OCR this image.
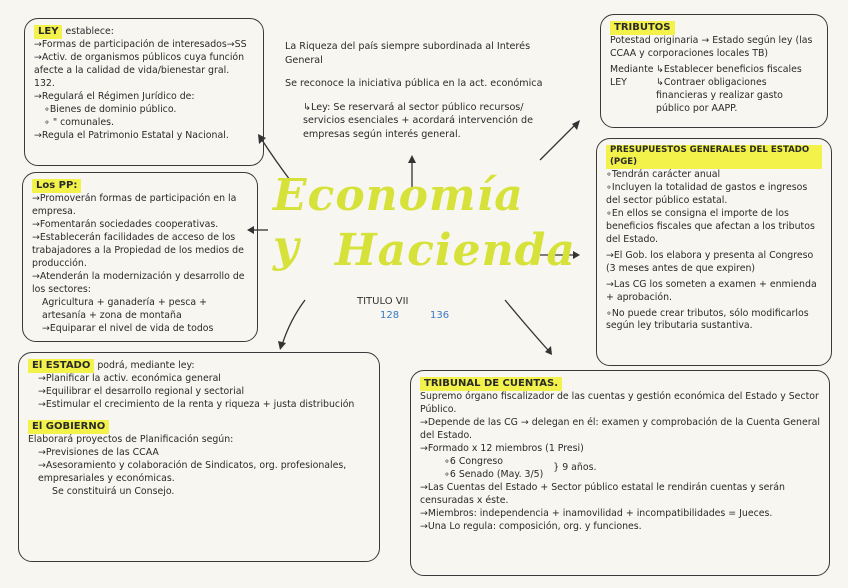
LEY establece:

→Formas de participación de interesados→SS

→Activ. de organismos públicos cuya función afecte a la calidad de vida/bienestar gral.

132.

→Regulará el Régimen Jurídico de:

∘Bienes de dominio público.

∘ " comunales.

→Regula el Patrimonio Estatal y Nacional.

La Riqueza del país siempre subordinada al Interés General

Se reconoce la iniciativa pública en la act. económica

↳Ley: Se reservará al sector público recursos/ servicios esenciales + acordará intervención de empresas según interés general.

TRIBUTOS

Potestad originaria → Estado según ley (las CCAA y corporaciones locales TB)

Mediante LEY

↳Establecer beneficios fiscales

↳Contraer obligaciones financieras y realizar gasto público por AAPP.

Economía y Hacienda
TITULO VII
128	136

Los PP:

→Promoverán formas de participación en la empresa.

→Fomentarán sociedades cooperativas.

→Establecerán facilidades de acceso de los trabajadores a la Propiedad de los medios de producción.

→Atenderán la modernización y desarrollo de los sectores:

Agricultura + ganadería + pesca + artesanía + zona de montaña

→Equiparar el nivel de vida de todos

PRESUPUESTOS GENERALES DEL ESTADO (PGE)

∘Tendrán carácter anual

∘Incluyen la totalidad de gastos e ingresos del sector público estatal.

∘En ellos se consigna el importe de los beneficios fiscales que afectan a los tributos del Estado.

→El Gob. los elabora y presenta al Congreso (3 meses antes de que expiren)

→Las CG los someten a examen + enmienda + aprobación.

∘No puede crear tributos, sólo modificarlos según ley tributaria sustantiva.

El ESTADO podrá, mediante ley:

→Planificar la activ. económica general

→Equilibrar el desarrollo regional y sectorial

→Estimular el crecimiento de la renta y riqueza + justa distribución

El GOBIERNO

Elaborará proyectos de Planificación según:

→Previsiones de las CCAA

→Asesoramiento y colaboración de Sindicatos, org. profesionales, empresariales y económicas.

Se constituirá un Consejo.

TRIBUNAL DE CUENTAS.

Supremo órgano fiscalizador de las cuentas y gestión económica del Estado y Sector Público.

→Depende de las CG → delegan en él: examen y comprobación de la Cuenta General del Estado.

→Formado x 12 miembros (1 Presi)

∘6 Congreso

∘6 Senado (May. 3/5)

} 9 años.

→Las Cuentas del Estado + Sector público estatal le rendirán cuentas y serán censuradas x éste.

→Miembros: independencia + inamovilidad + incompatibilidades = Jueces.

→Una Lo regula: composición, org. y funciones.
